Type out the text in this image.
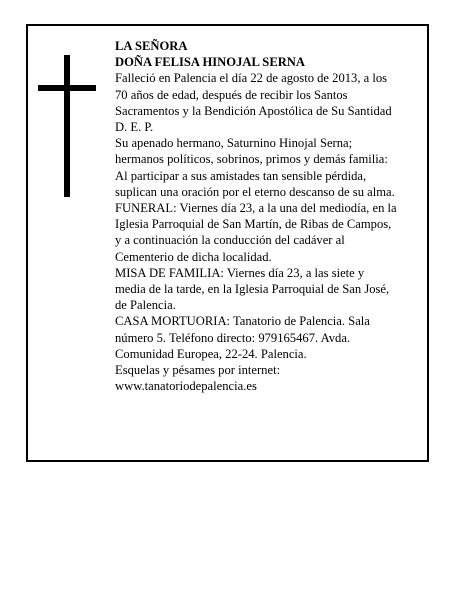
LA SEÑORA
DOÑA FELISA HINOJAL SERNA
Falleció en Palencia el día 22 de agosto de 2013, a los
70 años de edad, después de recibir los Santos
Sacramentos y la Bendición Apostólica de Su Santidad
D. E. P.
Su apenado hermano, Saturnino Hinojal Serna;
hermanos políticos, sobrinos, primos y demás familia:
Al participar a sus amistades tan sensible pérdida,
suplican una oración por el eterno descanso de su alma.
FUNERAL: Viernes día 23, a la una del mediodía, en la
Iglesia Parroquial de San Martín, de Ribas de Campos,
y a continuación la conducción del cadáver al
Cementerio de dicha localidad.
MISA DE FAMILIA: Viernes día 23, a las siete y
media de la tarde, en la Iglesia Parroquial de San José,
de Palencia.
CASA MORTUORIA: Tanatorio de Palencia. Sala
número 5. Teléfono directo: 979165467. Avda.
Comunidad Europea, 22-24. Palencia.
Esquelas y pésames por internet:
www.tanatoriodepalencia.es
